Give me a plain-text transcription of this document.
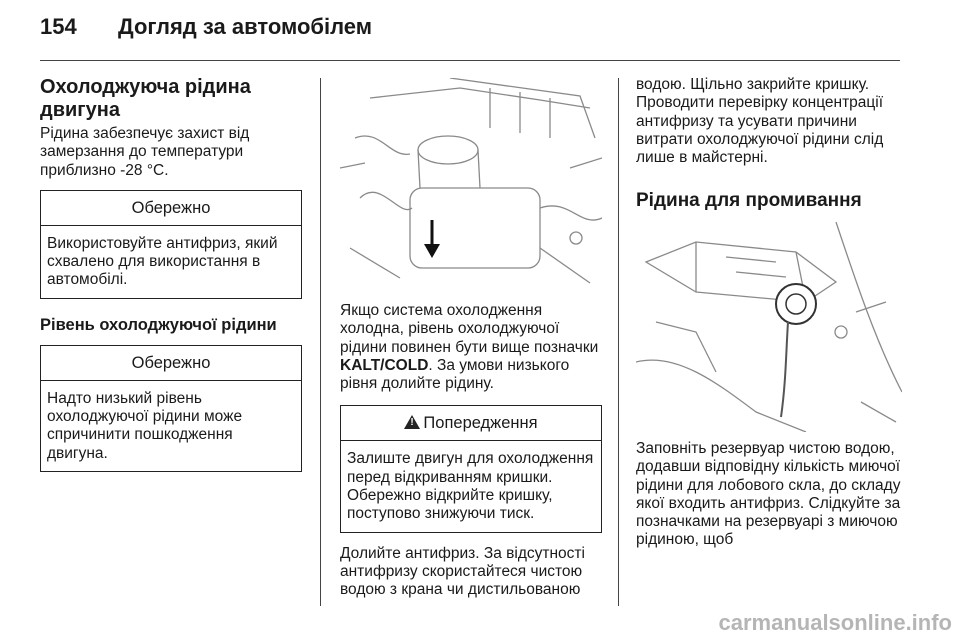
154 Догляд за автомобілем
Охолоджуюча рідина двигуна

Рідина забезпечує захист від замерзання до температури приблизно -28 °C.

Обережно
Використовуйте антифриз, який схвалено для використання в автомобілі.
Рівень охолоджуючої рідини
Обережно
Надто низький рівень охолоджуючої рідини може спричинити пошкодження двигуна.

Якщо система охолодження холодна, рівень охолоджуючої рідини повинен бути вище позначки KALT/COLD. За умови низького рівня долийте рідину.

!Попередження
Залиште двигун для охолодження перед відкриванням кришки. Обережно відкрийте кришку, поступово знижуючи тиск.

Долийте антифриз. За відсутності антифризу скористайтеся чистою водою з крана чи дистильованою

водою. Щільно закрийте кришку. Проводити перевірку концентрації антифризу та усувати причини витрати охолоджуючої рідини слід лише в майстерні.

Рідина для промивання

Заповніть резервуар чистою водою, додавши відповідну кількість миючої рідини для лобового скла, до складу якої входить антифриз. Слідкуйте за позначками на резервуарі з миючою рідиною, щоб

carmanualsonline.info
